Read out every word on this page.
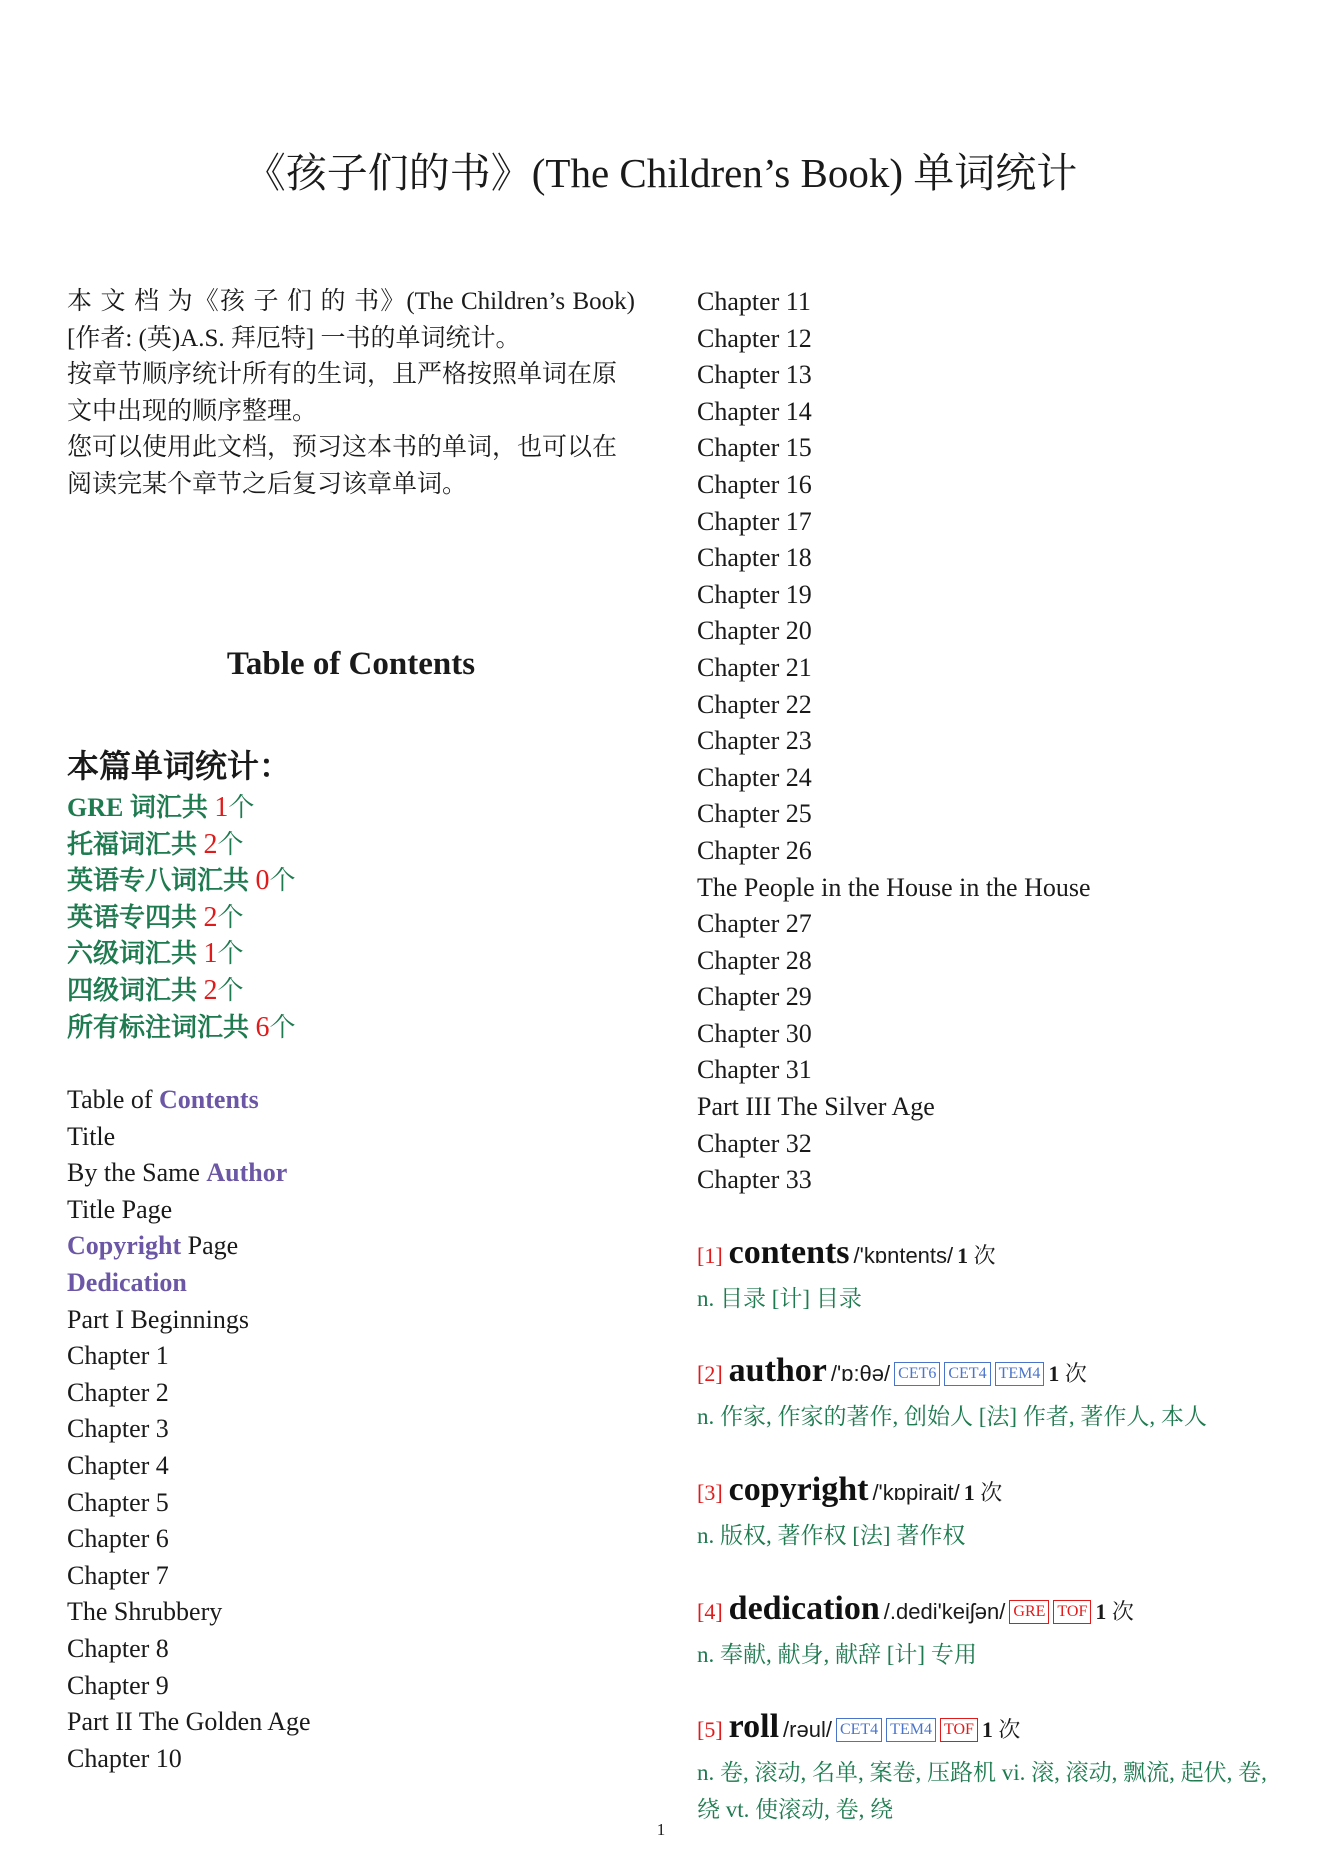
《孩子们的书》(The Children’s Book) 单词统计

本 文 档 为《孩 子 们 的 书》(The Children’s Book)[作者: (英)A.S. 拜厄特] 一书的单词统计。

按章节顺序统计所有的生词，且严格按照单词在原文中出现的顺序整理。

您可以使用此文档，预习这本书的单词，也可以在阅读完某个章节之后复习该章单词。

Table of Contents
本篇单词统计：
GRE 词汇共 1个
托福词汇共 2个
英语专八词汇共 0个
英语专四共 2个
六级词汇共 1个
四级词汇共 2个
所有标注词汇共 6个
Table of Contents
Title
By the Same Author
Title Page
Copyright Page
Dedication
Part I Beginnings
Chapter 1
Chapter 2
Chapter 3
Chapter 4
Chapter 5
Chapter 6
Chapter 7
The Shrubbery
Chapter 8
Chapter 9
Part II The Golden Age
Chapter 10
Chapter 11
Chapter 12
Chapter 13
Chapter 14
Chapter 15
Chapter 16
Chapter 17
Chapter 18
Chapter 19
Chapter 20
Chapter 21
Chapter 22
Chapter 23
Chapter 24
Chapter 25
Chapter 26
The People in the House in the House
Chapter 27
Chapter 28
Chapter 29
Chapter 30
Chapter 31
Part III The Silver Age
Chapter 32
Chapter 33
[1] contents /'kɒntents/ 1 次
n. 目录 [计] 目录
[2] author /'ɒ:θə/ CET6 CET4 TEM4 1 次
n. 作家, 作家的著作, 创始人 [法] 作者, 著作人, 本人
[3] copyright /'kɒpirait/ 1 次
n. 版权, 著作权 [法] 著作权
[4] dedication /.dedi'keiʃən/ GRE TOF 1 次
n. 奉献, 献身, 献辞 [计] 专用
[5] roll /rəul/ CET4 TEM4 TOF 1 次
n. 卷, 滚动, 名单, 案卷, 压路机 vi. 滚, 滚动, 飘流, 起伏, 卷, 绕 vt. 使滚动, 卷, 绕
1
